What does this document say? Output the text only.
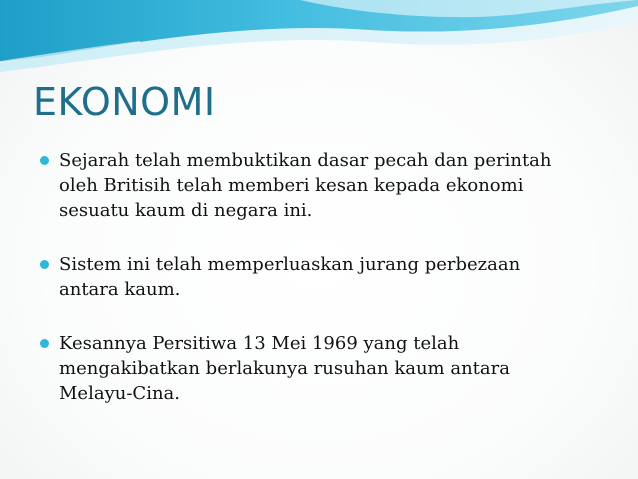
EKONOMI
Sejarah telah membuktikan dasar pecah dan perintah
oleh Britisih telah memberi kesan kepada ekonomi
sesuatu kaum di negara ini.
Sistem ini telah memperluaskan jurang perbezaan
antara kaum.
Kesannya Persitiwa 13 Mei 1969 yang telah
mengakibatkan berlakunya rusuhan kaum antara
Melayu-Cina.
